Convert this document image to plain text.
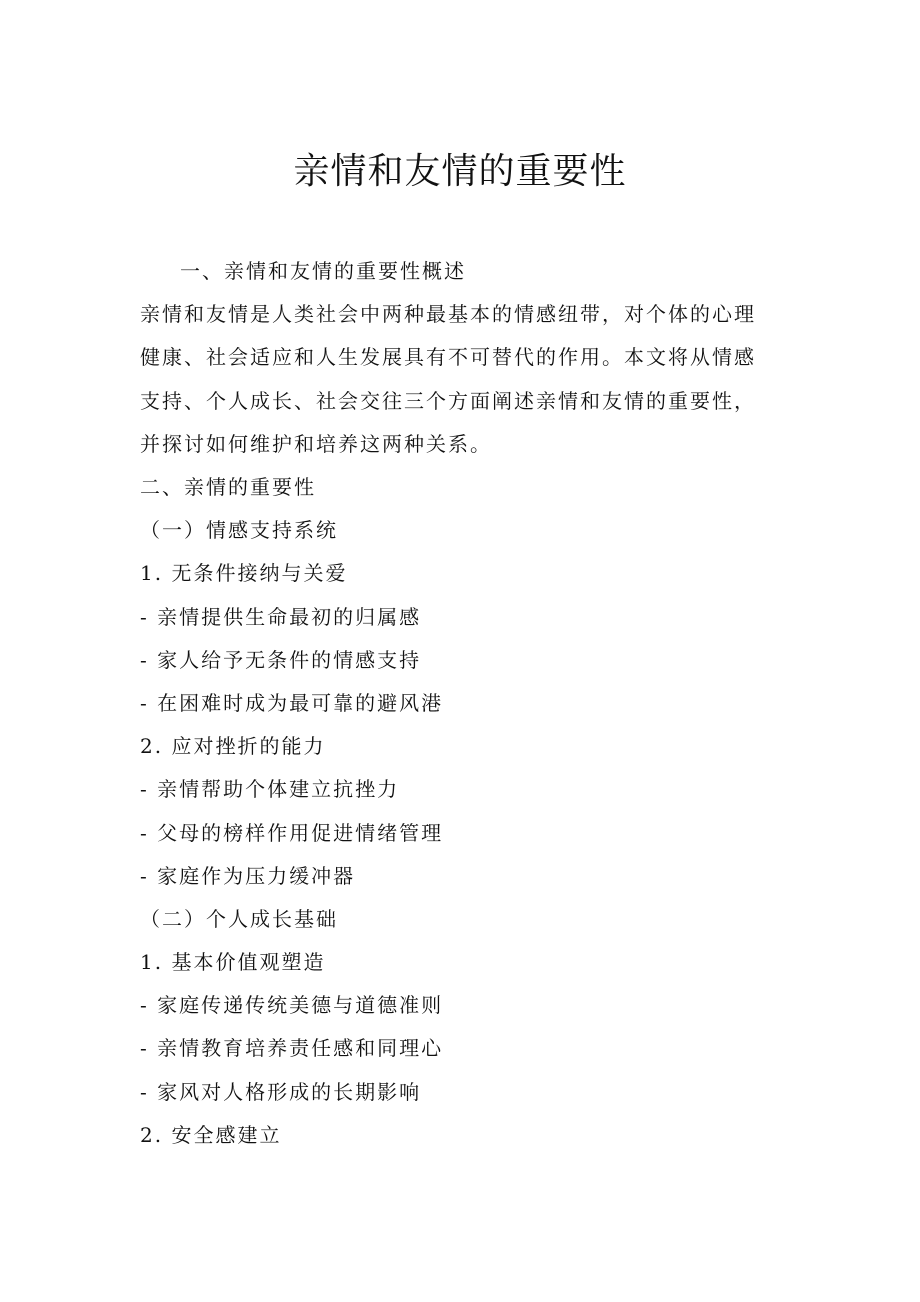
亲情和友情的重要性

一、亲情和友情的重要性概述

亲情和友情是人类社会中两种最基本的情感纽带，对个体的心理健康、社会适应和人生发展具有不可替代的作用。本文将从情感支持、个人成长、社会交往三个方面阐述亲情和友情的重要性，并探讨如何维护和培养这两种关系。

二、亲情的重要性

（一）情感支持系统

1. 无条件接纳与关爱

- 亲情提供生命最初的归属感

- 家人给予无条件的情感支持

- 在困难时成为最可靠的避风港

2. 应对挫折的能力

- 亲情帮助个体建立抗挫力

- 父母的榜样作用促进情绪管理

- 家庭作为压力缓冲器

（二）个人成长基础

1. 基本价值观塑造

- 家庭传递传统美德与道德准则

- 亲情教育培养责任感和同理心

- 家风对人格形成的长期影响

2. 安全感建立
